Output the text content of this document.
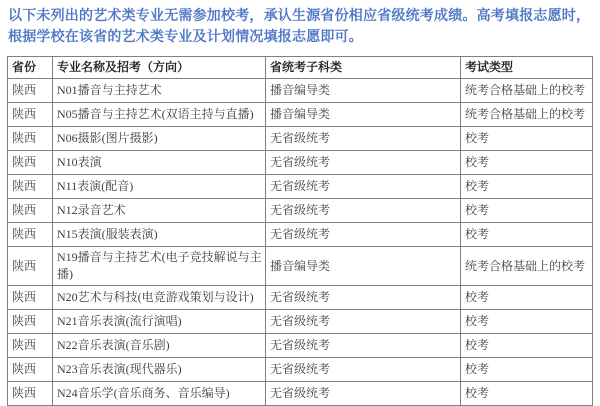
以下未列出的艺术类专业无需参加校考，承认生源省份相应省级统考成绩。高考填报志愿时，根据学校在该省的艺术类专业及计划情况填报志愿即可。

省份	专业名称及招考（方向）	省统考子科类	考试类型
陕西	N01播音与主持艺术	播音编导类	统考合格基础上的校考
陕西	N05播音与主持艺术(双语主持与直播)	播音编导类	统考合格基础上的校考
陕西	N06摄影(图片摄影)	无省级统考	校考
陕西	N10表演	无省级统考	校考
陕西	N11表演(配音)	无省级统考	校考
陕西	N12录音艺术	无省级统考	校考
陕西	N15表演(服装表演)	无省级统考	校考
陕西	N19播音与主持艺术(电子竞技解说与主播)	播音编导类	统考合格基础上的校考
陕西	N20艺术与科技(电竞游戏策划与设计)	无省级统考	校考
陕西	N21音乐表演(流行演唱)	无省级统考	校考
陕西	N22音乐表演(音乐剧)	无省级统考	校考
陕西	N23音乐表演(现代器乐)	无省级统考	校考
陕西	N24音乐学(音乐商务、音乐编导)	无省级统考	校考
